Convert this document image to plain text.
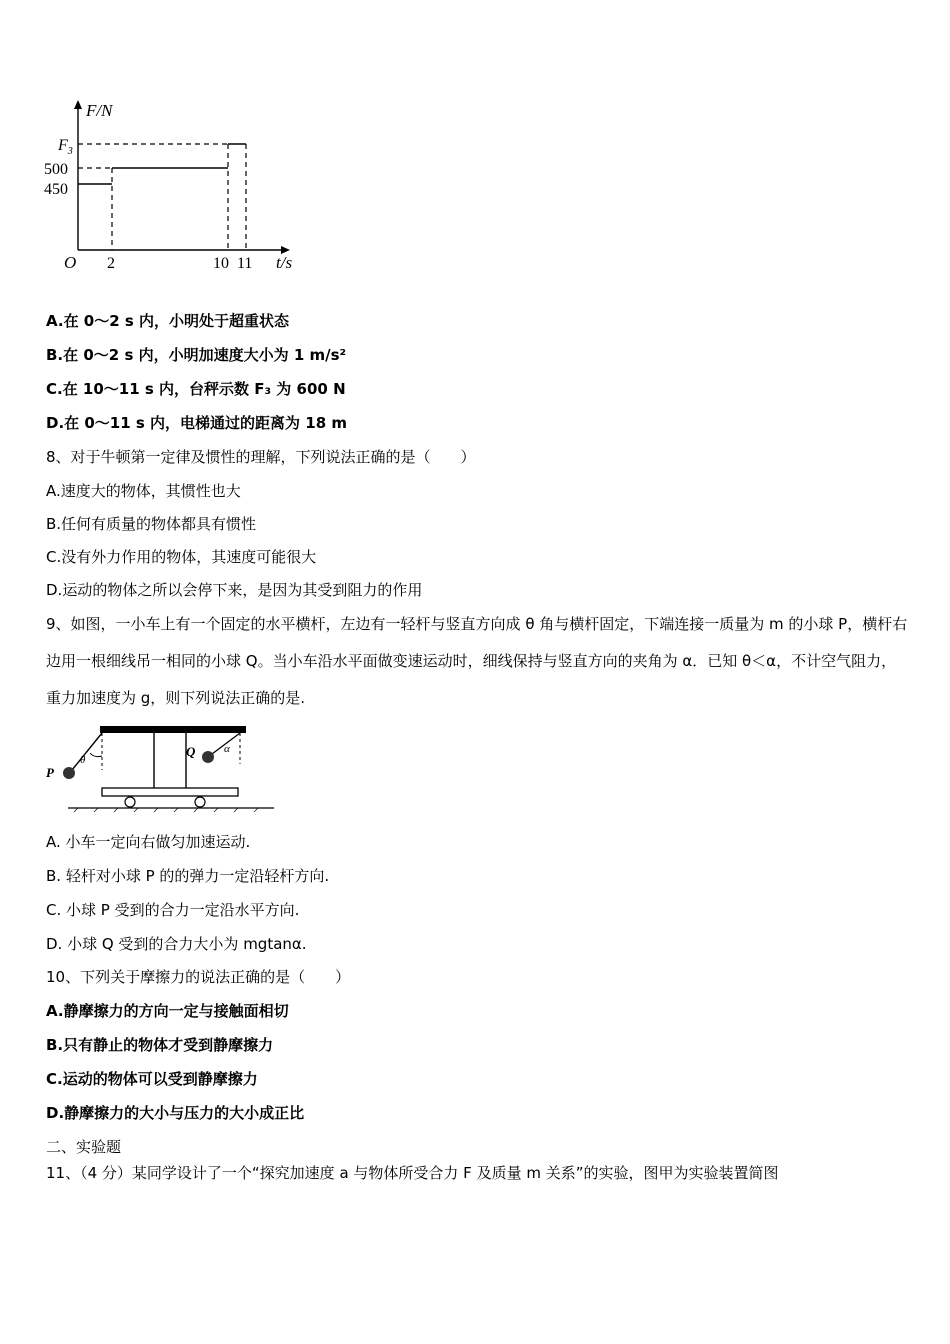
F/N
t/s
O
$F_3$
500
450
2	10 11
A.在 0～2 s 内，小明处于超重状态
B.在 0～2 s 内，小明加速度大小为 1 m/s²
C.在 10～11 s 内，台秤示数 F₃ 为 600 N
D.在 0～11 s 内，电梯通过的距离为 18 m
8、对于牛顿第一定律及惯性的理解，下列说法正确的是（　　）
A.速度大的物体，其惯性也大
B.任何有质量的物体都具有惯性
C.没有外力作用的物体，其速度可能很大
D.运动的物体之所以会停下来，是因为其受到阻力的作用
9、如图，一小车上有一个固定的水平横杆，左边有一轻杆与竖直方向成 θ 角与横杆固定，下端连接一质量为 m 的小球 P，横杆右边用一根细线吊一相同的小球 Q。当小车沿水平面做变速运动时，细线保持与竖直方向的夹角为 α．已知 θ＜α，不计空气阻力，重力加速度为 g，则下列说法正确的是.
θ
P
Q	α
A. 小车一定向右做匀加速运动.
B. 轻杆对小球 P 的的弹力一定沿轻杆方向.
C. 小球 P 受到的合力一定沿水平方向.
D. 小球 Q 受到的合力大小为 mgtanα.
10、下列关于摩擦力的说法正确的是（　　）
A.静摩擦力的方向一定与接触面相切
B.只有静止的物体才受到静摩擦力
C.运动的物体可以受到静摩擦力
D.静摩擦力的大小与压力的大小成正比
二、实验题
11、（4 分）某同学设计了一个“探究加速度 a 与物体所受合力 F 及质量 m 关系”的实验，图甲为实验装置简图
